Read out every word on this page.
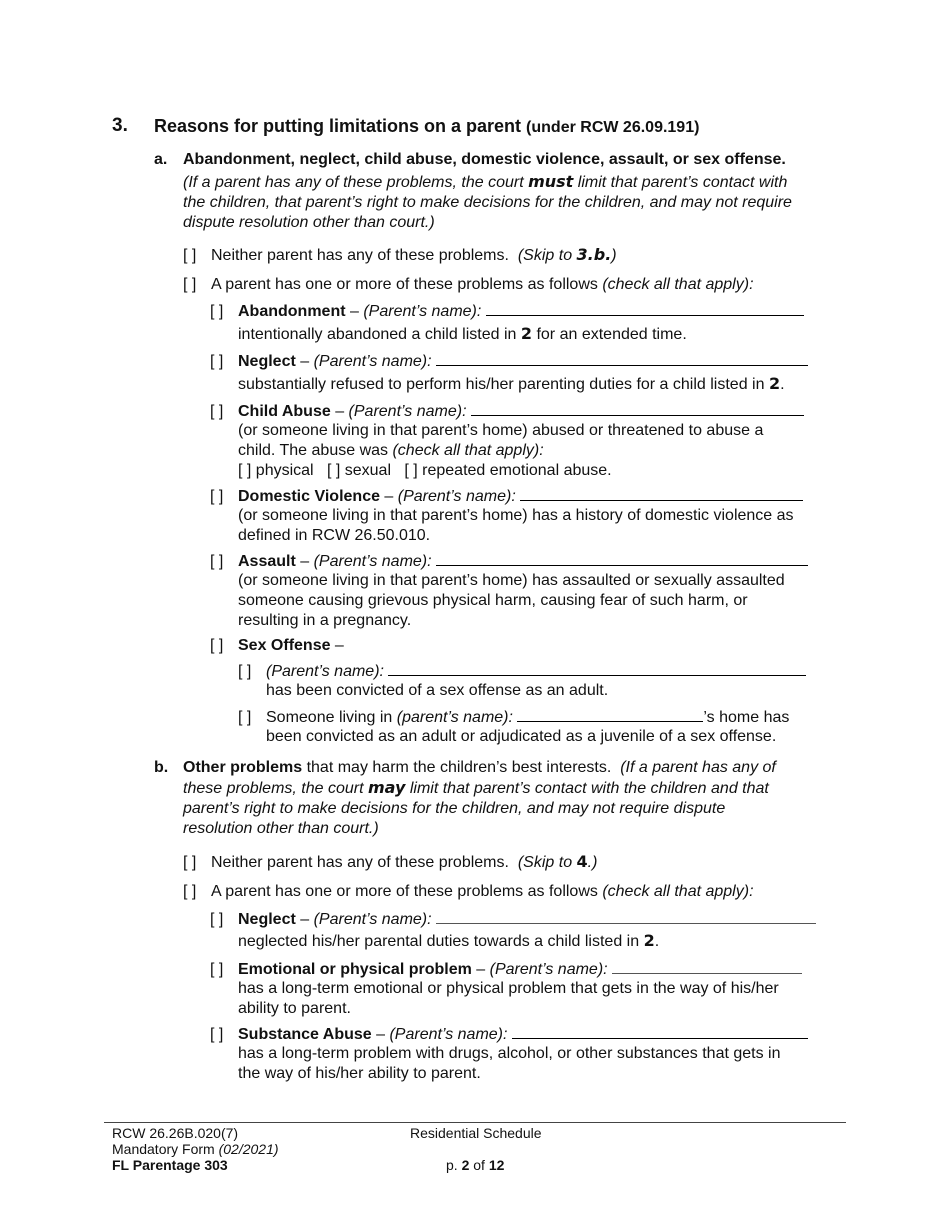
3. Reasons for putting limitations on a parent (under RCW 26.09.191)
a. Abandonment, neglect, child abuse, domestic violence, assault, or sex offense.
(If a parent has any of these problems, the court must limit that parent’s contact with
the children, that parent’s right to make decisions for the children, and may not require
dispute resolution other than court.)
[ ] Neither parent has any of these problems. (Skip to 3.b.)
[ ] A parent has one or more of these problems as follows (check all that apply):
[ ] Abandonment – (Parent’s name):
intentionally abandoned a child listed in 2 for an extended time.
[ ] Neglect – (Parent’s name):
substantially refused to perform his/her parenting duties for a child listed in 2.
[ ] Child Abuse – (Parent’s name):
(or someone living in that parent’s home) abused or threatened to abuse a
child. The abuse was (check all that apply):
[ ] physical [ ] sexual [ ] repeated emotional abuse.
[ ] Domestic Violence – (Parent’s name):
(or someone living in that parent’s home) has a history of domestic violence as
defined in RCW 26.50.010.
[ ] Assault – (Parent’s name):
(or someone living in that parent’s home) has assaulted or sexually assaulted
someone causing grievous physical harm, causing fear of such harm, or
resulting in a pregnancy.
[ ] Sex Offense –
[ ] (Parent’s name):
has been convicted of a sex offense as an adult.
[ ] Someone living in (parent’s name):	’s home has
been convicted as an adult or adjudicated as a juvenile of a sex offense.
b. Other problems that may harm the children’s best interests. (If a parent has any of
these problems, the court may limit that parent’s contact with the children and that
parent’s right to make decisions for the children, and may not require dispute
resolution other than court.)
[ ] Neither parent has any of these problems. (Skip to 4.)
[ ] A parent has one or more of these problems as follows (check all that apply):
[ ] Neglect – (Parent’s name):
neglected his/her parental duties towards a child listed in 2.
[ ] Emotional or physical problem – (Parent’s name):
has a long-term emotional or physical problem that gets in the way of his/her
ability to parent.
[ ] Substance Abuse – (Parent’s name):
has a long-term problem with drugs, alcohol, or other substances that gets in
the way of his/her ability to parent.
RCW 26.26B.020(7)
Mandatory Form (02/2021)
FL Parentage 303
Residential Schedule
p. 2 of 12
